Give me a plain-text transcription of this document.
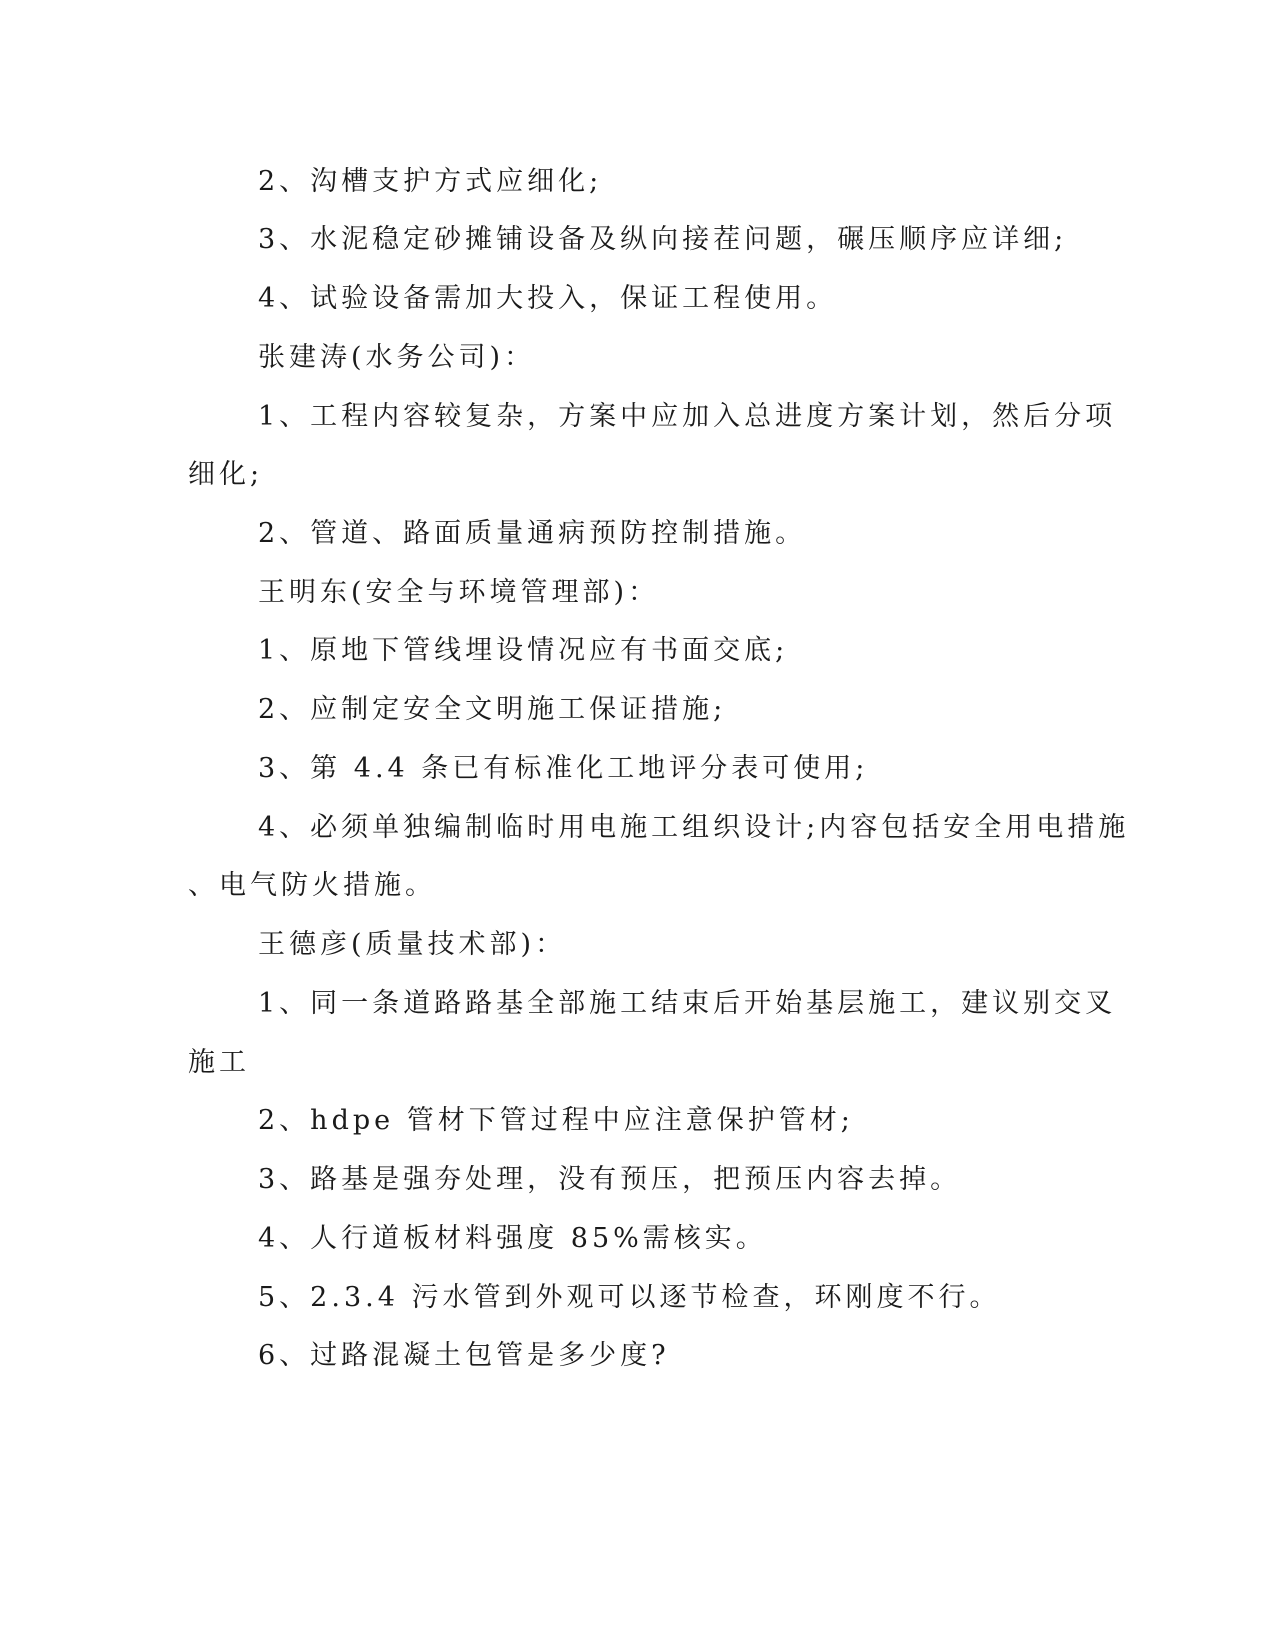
2、沟槽支护方式应细化;
3、水泥稳定砂摊铺设备及纵向接茬问题，碾压顺序应详细;
4、试验设备需加大投入，保证工程使用。
张建涛(水务公司)：
1、工程内容较复杂，方案中应加入总进度方案计划，然后分项
细化;
2、管道、路面质量通病预防控制措施。
王明东(安全与环境管理部)：
1、原地下管线埋设情况应有书面交底;
2、应制定安全文明施工保证措施;
3、第 4.4 条已有标准化工地评分表可使用;
4、必须单独编制临时用电施工组织设计;内容包括安全用电措施
、电气防火措施。
王德彦(质量技术部)：
1、同一条道路路基全部施工结束后开始基层施工，建议别交叉
施工
2、hdpe 管材下管过程中应注意保护管材;
3、路基是强夯处理，没有预压，把预压内容去掉。
4、人行道板材料强度 85%需核实。
5、2.3.4 污水管到外观可以逐节检查，环刚度不行。
6、过路混凝土包管是多少度?
